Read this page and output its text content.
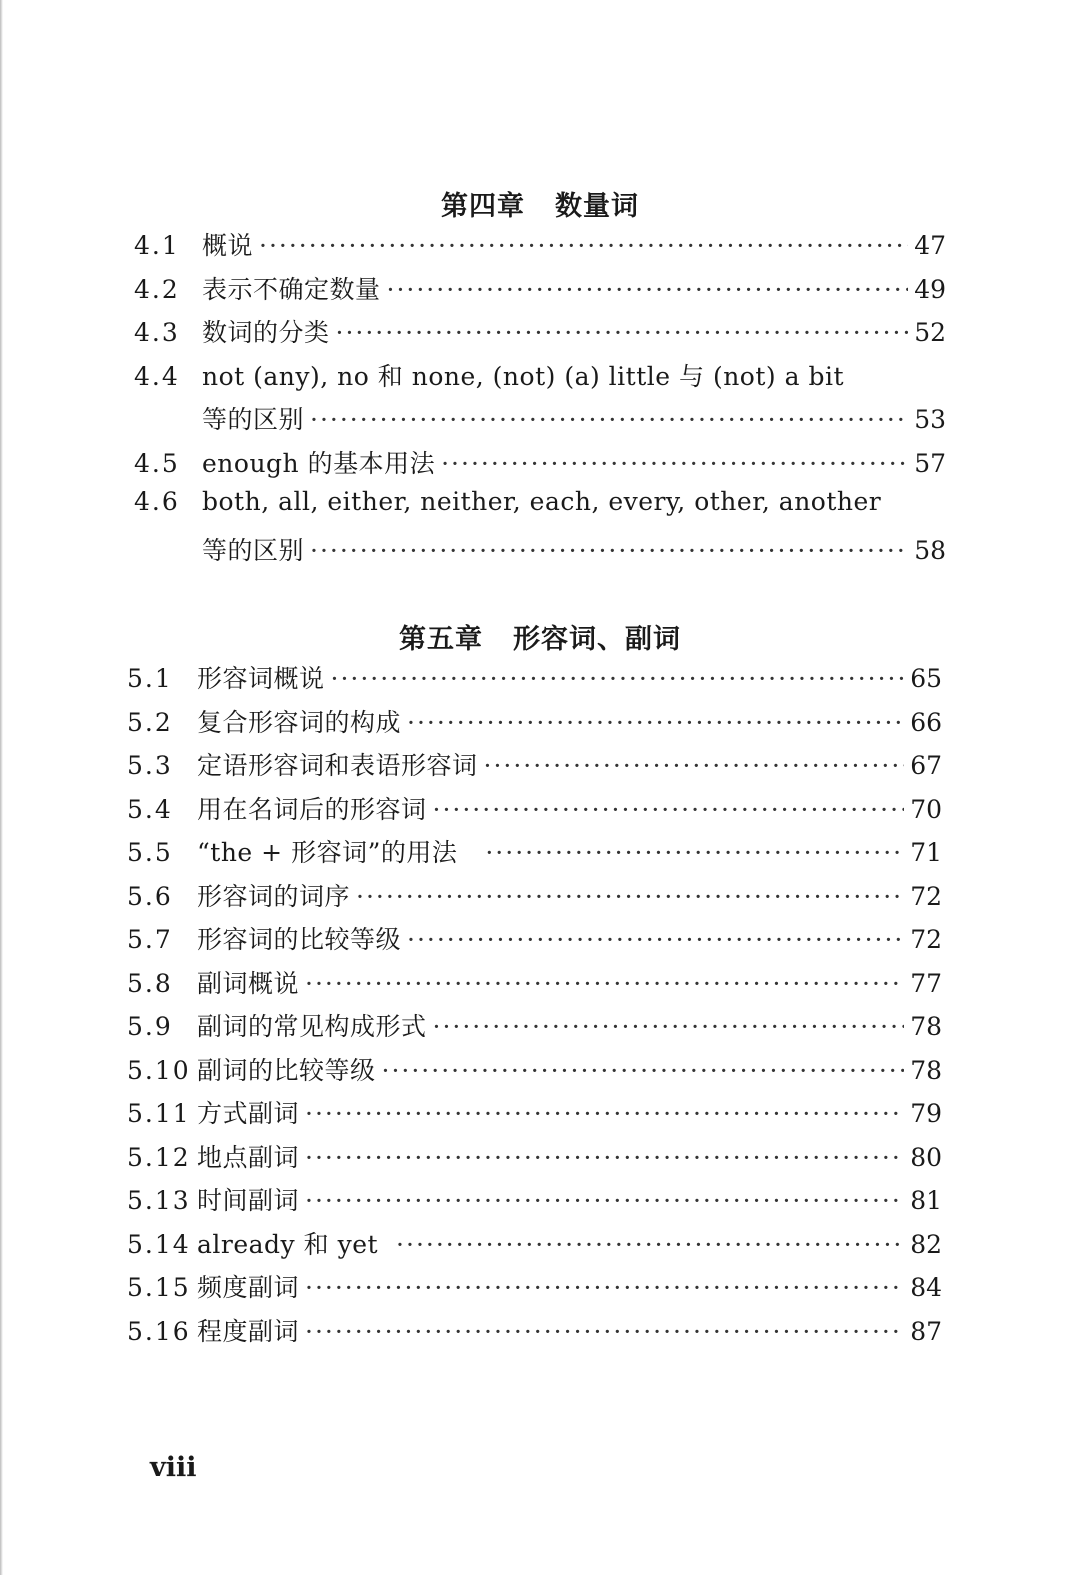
第四章 数量词
4.1 概说 ·····	47
4.2 表示不确定数量 ·····	49
4.3 数词的分类 ·····	52
4.4 not (any), no 和 none, (not) (a) little 与 (not) a bit
等的区别 ·····	53
4.5 enough 的基本用法 ·····	57
4.6 both, all, either, neither, each, every, other, another
等的区别 ·····	58
第五章 形容词、副词
5.1 形容词概说 ·····	65
5.2 复合形容词的构成 ·····	66
5.3 定语形容词和表语形容词 ·····	67
5.4 用在名词后的形容词 ·····	70
5.5 “the + 形容词”的用法 ·····	71
5.6 形容词的词序 ·····	72
5.7 形容词的比较等级 ·····	72
5.8 副词概说 ·····	77
5.9 副词的常见构成形式 ·····	78
5.10 副词的比较等级 ·····	78
5.11 方式副词 ·····	79
5.12 地点副词 ·····	80
5.13 时间副词 ·····	81
5.14 already 和 yet ·····	82
5.15 频度副词 ·····	84
5.16 程度副词 ·····	87
viii
